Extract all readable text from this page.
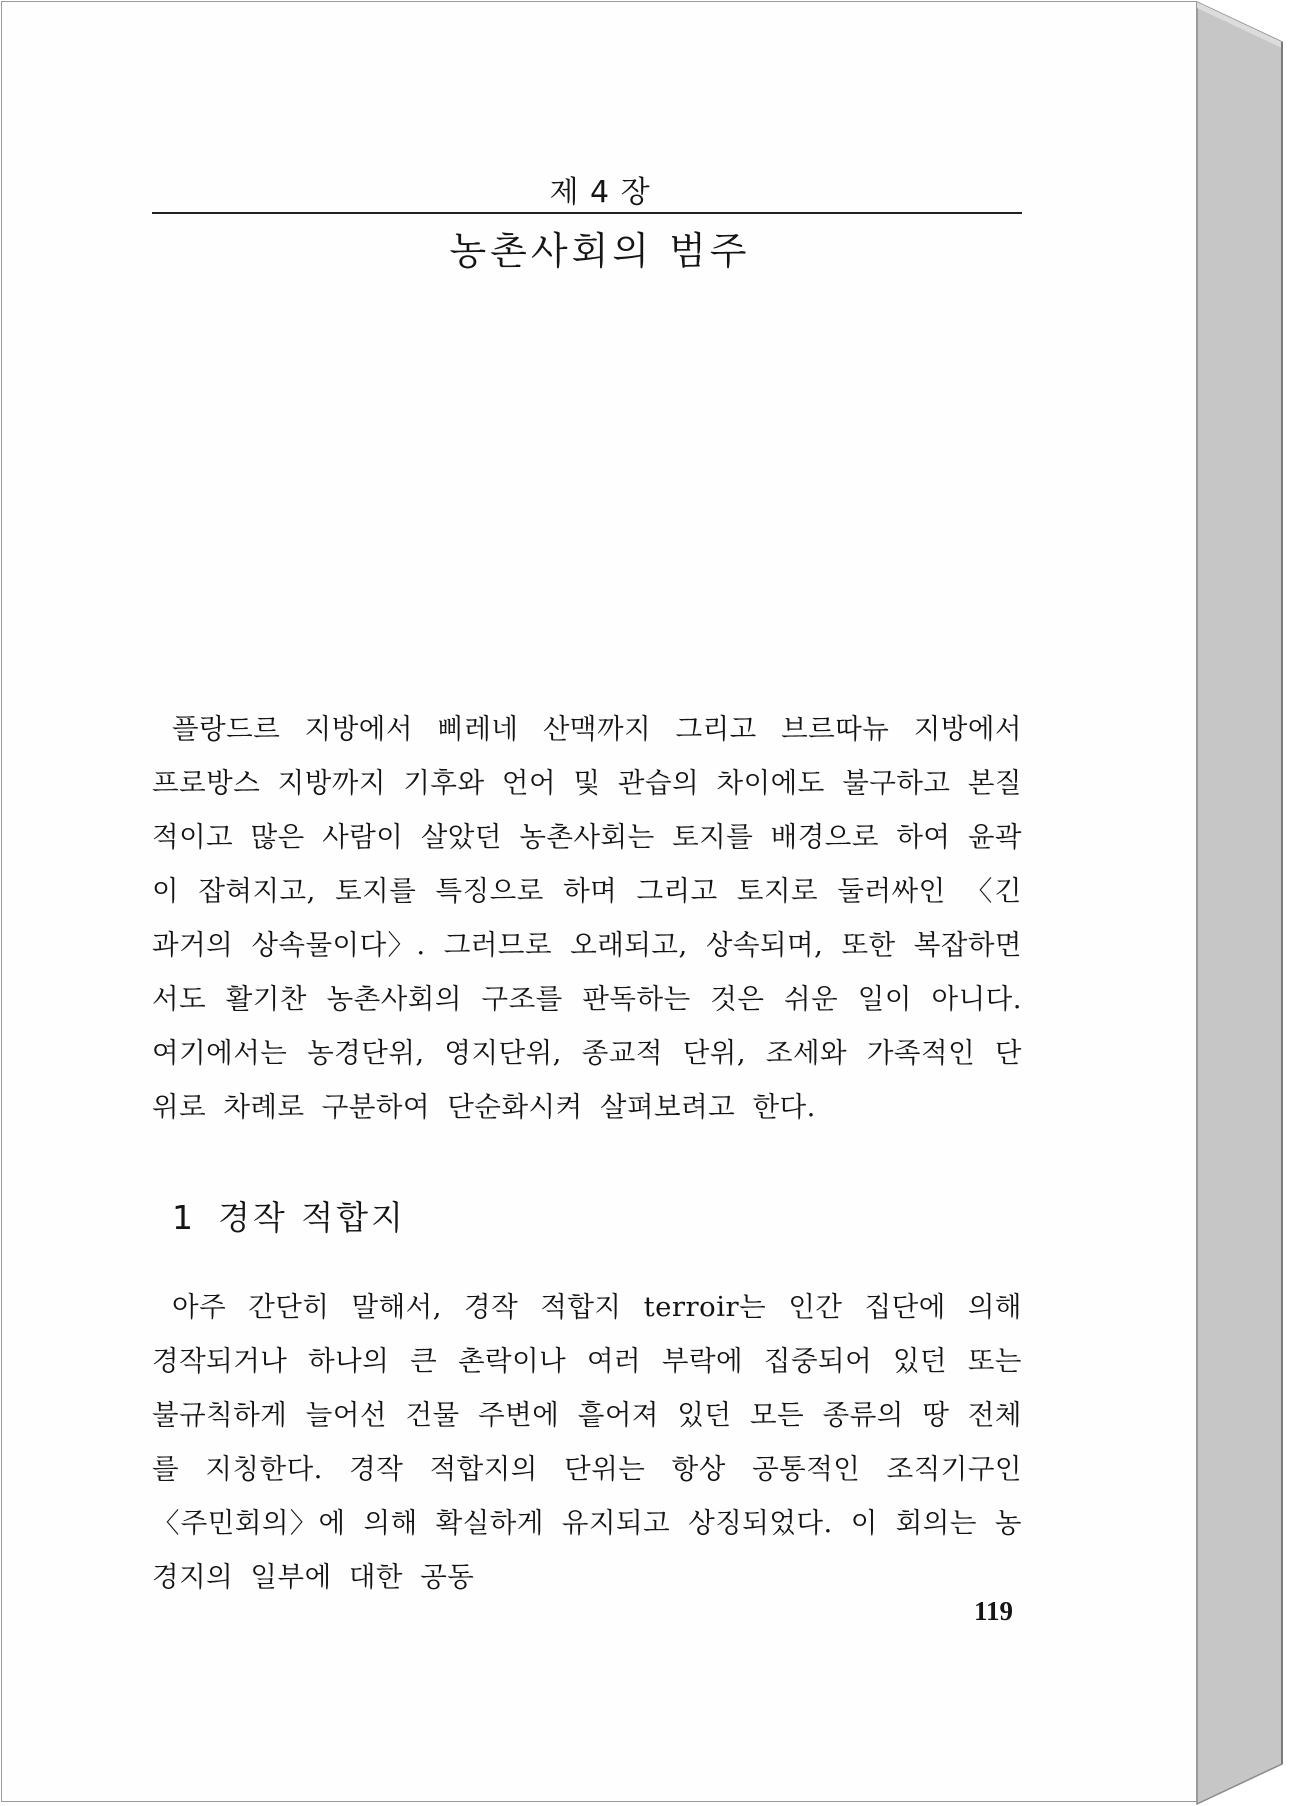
제 4 장
농촌사회의 범주

플랑드르 지방에서 삐레네 산맥까지 그리고 브르따뉴 지방에서 프로방스 지방까지 기후와 언어 및 관습의 차이에도 불구하고 본질적이고 많은 사람이 살았던 농촌사회는 토지를 배경으로 하여 윤곽이 잡혀지고, 토지를 특징으로 하며 그리고 토지로 둘러싸인 〈긴 과거의 상속물이다〉. 그러므로 오래되고, 상속되며, 또한 복잡하면서도 활기찬 농촌사회의 구조를 판독하는 것은 쉬운 일이 아니다. 여기에서는 농경단위, 영지단위, 종교적 단위, 조세와 가족적인 단위로 차례로 구분하여 단순화시켜 살펴보려고 한다.

1 경작 적합지

아주 간단히 말해서, 경작 적합지 terroir는 인간 집단에 의해 경작되거나 하나의 큰 촌락이나 여러 부락에 집중되어 있던 또는 불규칙하게 늘어선 건물 주변에 흩어져 있던 모든 종류의 땅 전체를 지칭한다. 경작 적합지의 단위는 항상 공통적인 조직기구인 〈주민회의〉에 의해 확실하게 유지되고 상징되었다. 이 회의는 농경지의 일부에 대한 공동

119
